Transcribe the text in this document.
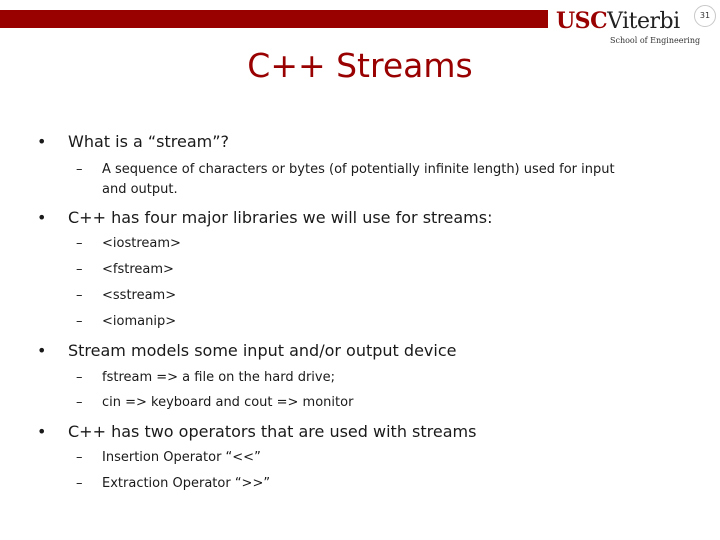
USCViterbi
School of Engineering
31
C++ Streams
• What is a “stream”?
– A sequence of characters or bytes (of potentially infinite length) used for input
and output.
• C++ has four major libraries we will use for streams:
– <iostream>
– <fstream>
– <sstream>
– <iomanip>
• Stream models some input and/or output device
– fstream => a file on the hard drive;
– cin => keyboard and cout => monitor
• C++ has two operators that are used with streams
– Insertion Operator “<<”
– Extraction Operator “>>”
